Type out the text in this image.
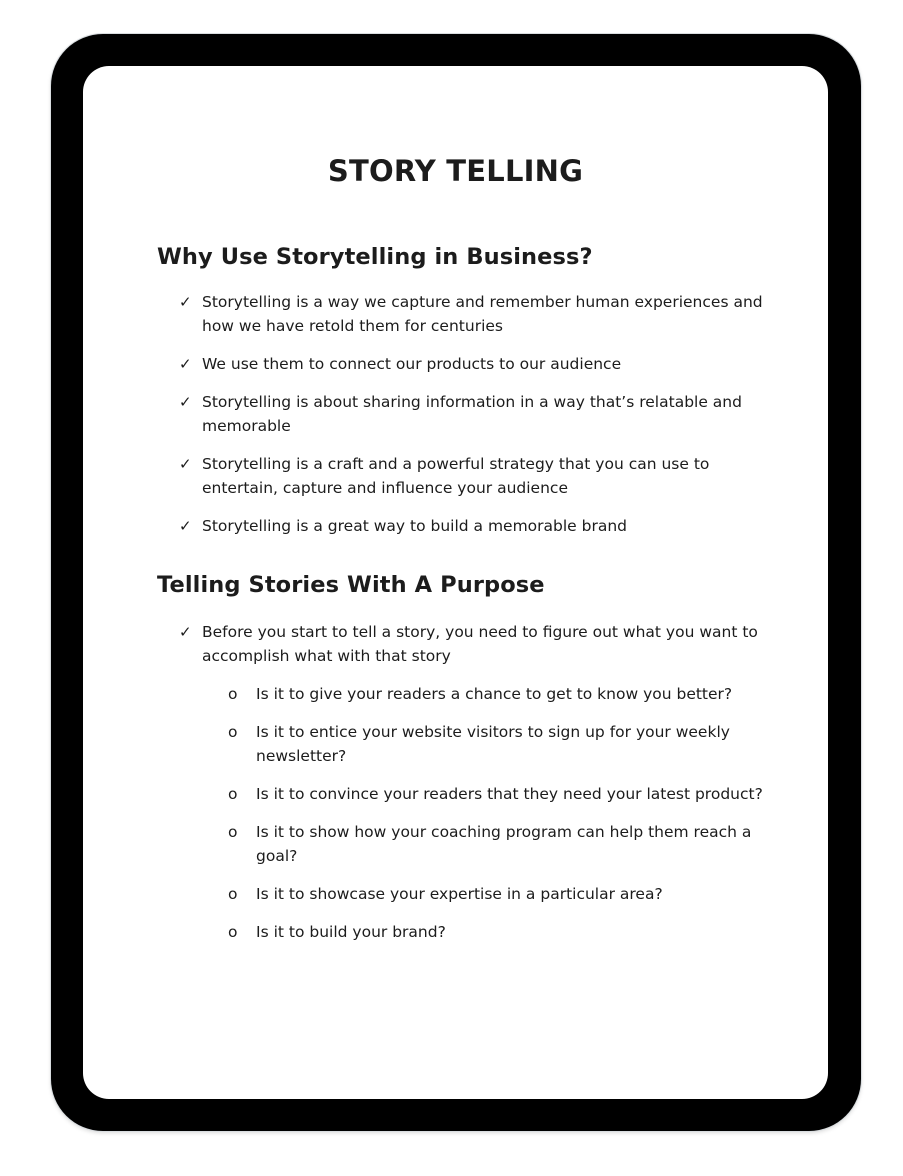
STORY TELLING
Why Use Storytelling in Business?
✓ Storytelling is a way we capture and remember human experiences and how we have retold them for centuries
✓ We use them to connect our products to our audience
✓ Storytelling is about sharing information in a way that’s relatable and memorable
✓ Storytelling is a craft and a powerful strategy that you can use to entertain, capture and influence your audience
✓ Storytelling is a great way to build a memorable brand
Telling Stories With A Purpose
✓ Before you start to tell a story, you need to figure out what you want to accomplish what with that story
o Is it to give your readers a chance to get to know you better?
o Is it to entice your website visitors to sign up for your weekly newsletter?
o Is it to convince your readers that they need your latest product?
o Is it to show how your coaching program can help them reach a goal?
o Is it to showcase your expertise in a particular area?
o Is it to build your brand?
